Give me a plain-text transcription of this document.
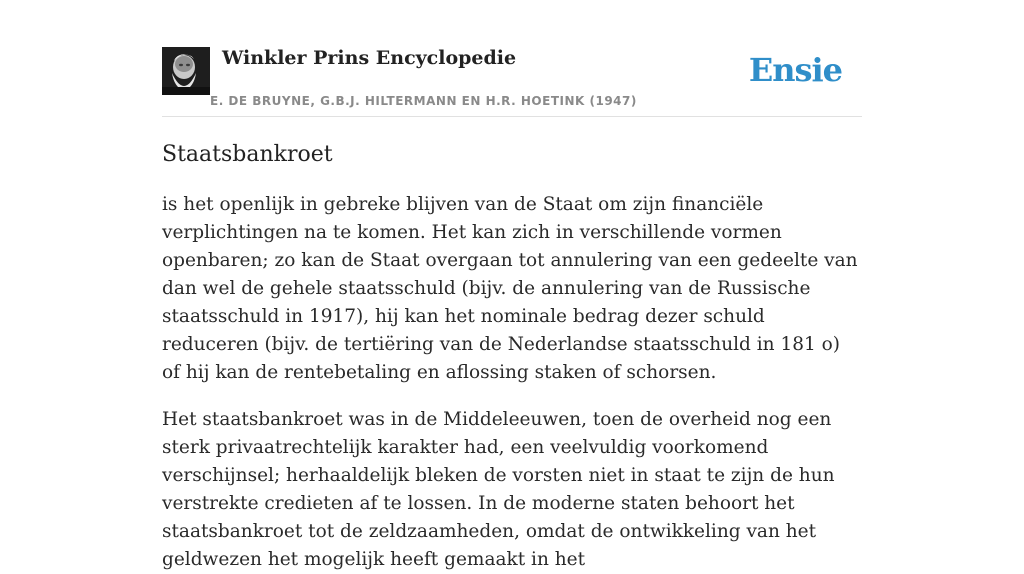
Winkler Prins Encyclopedie
E. DE BRUYNE, G.B.J. HILTERMANN EN H.R. HOETINK (1947)
Ensie
Staatsbankroet

is het openlijk in gebreke blijven van de Staat om zijn financiële verplichtingen na te komen. Het kan zich in verschillende vormen openbaren; zo kan de Staat overgaan tot annulering van een gedeelte van dan wel de gehele staatsschuld (bijv. de annulering van de Russische staatsschuld in 1917), hij kan het nominale bedrag dezer schuld reduceren (bijv. de tertiëring van de Nederlandse staatsschuld in 181 o) of hij kan de rentebetaling en aflossing staken of schorsen.

Het staatsbankroet was in de Middeleeuwen, toen de overheid nog een sterk privaatrechtelijk karakter had, een veelvuldig voorkomend verschijnsel; herhaaldelijk bleken de vorsten niet in staat te zijn de hun verstrekte credieten af te lossen. In de moderne staten behoort het staatsbankroet tot de zeldzaamheden, omdat de ontwikkeling van het geldwezen het mogelijk heeft gemaakt in het
